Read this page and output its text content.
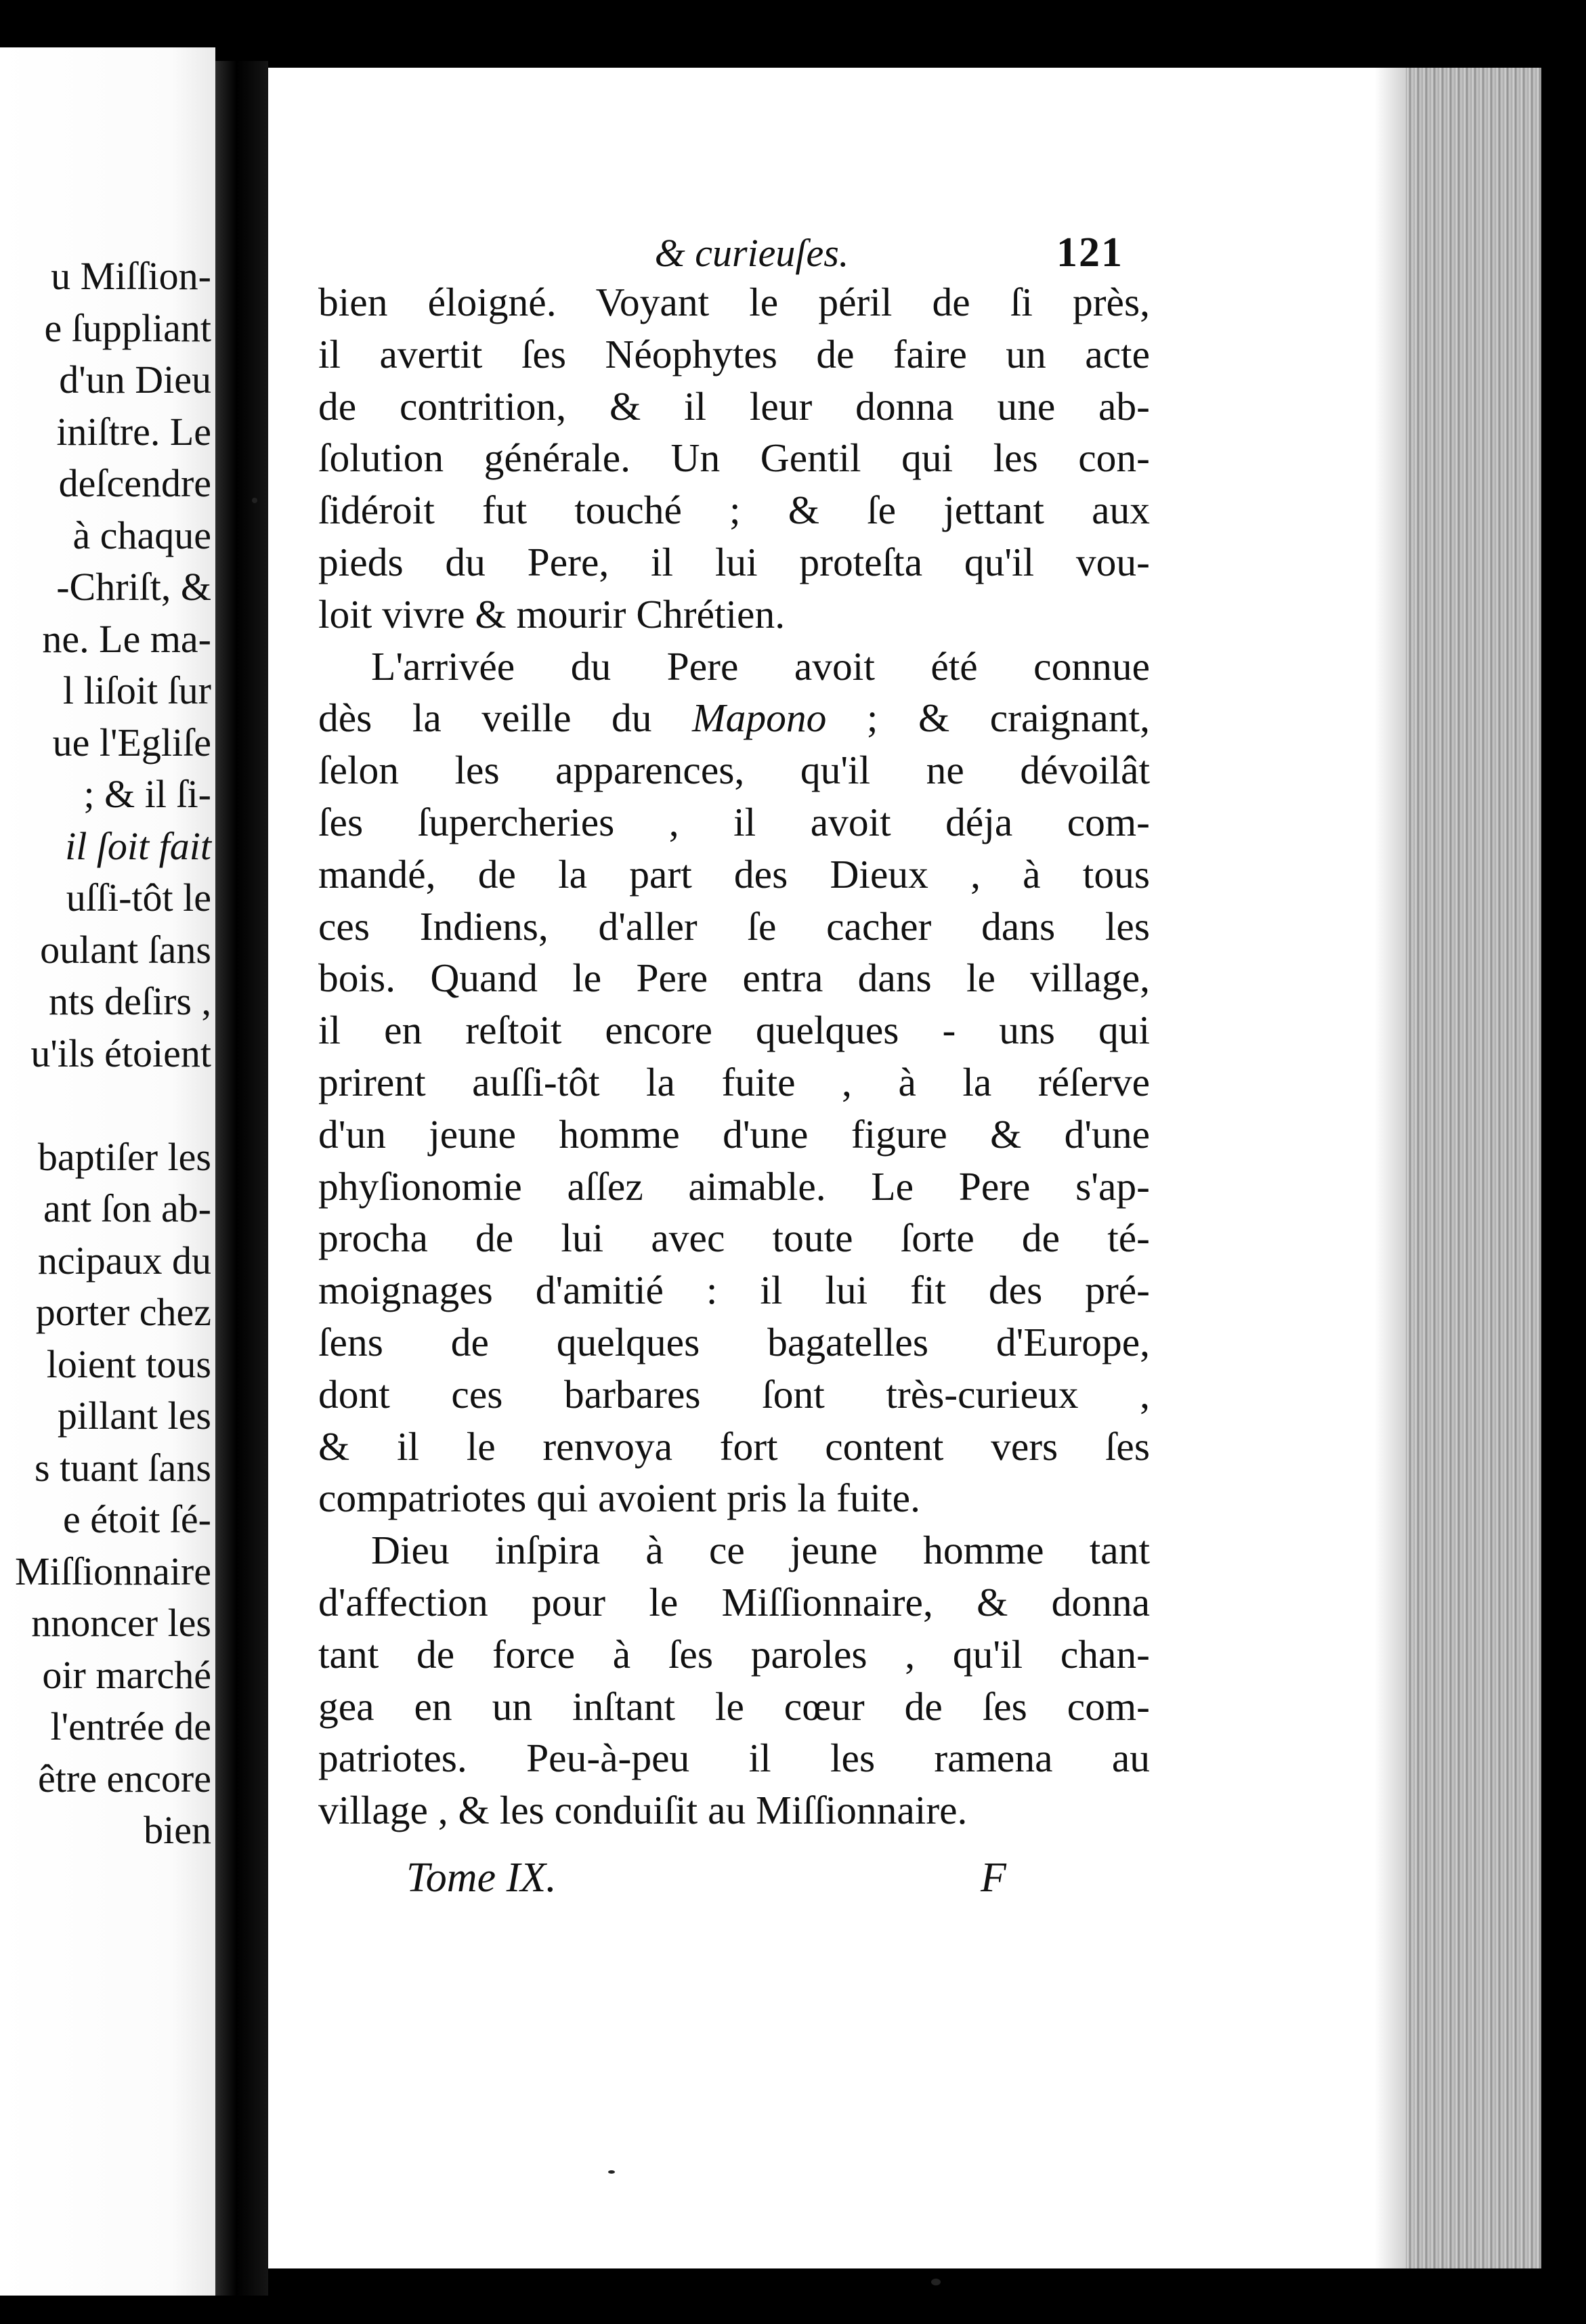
u Miſſion-
e ſuppliant
d'un Dieu
iniſtre. Le
deſcendre
à chaque
-Chriſt, &
ne. Le ma-
l liſoit ſur
ue l'Egliſe
; & il ſi-
il ſoit fait
uſſi-tôt le
oulant ſans
nts deſirs ,
u'ils étoient

baptiſer les
ant ſon ab-
ncipaux du
porter chez
loient tous
pillant les
s tuant ſans
e étoit ſé-
Miſſionnaire
nnoncer les
oir marché
l'entrée de
être encore
bien
& curieuſes.	121
bien éloigné. Voyant le péril de ſi près,
il avertit ſes Néophytes de faire un acte
de contrition, & il leur donna une ab-
ſolution générale. Un Gentil qui les con-
ſidéroit fut touché ; & ſe jettant aux
pieds du Pere, il lui proteſta qu'il vou-
loit vivre & mourir Chrétien.
L'arrivée du Pere avoit été connue
dès la veille du Mapono ; & craignant,
ſelon les apparences, qu'il ne dévoilât
ſes ſupercheries , il avoit déja com-
mandé, de la part des Dieux , à tous
ces Indiens, d'aller ſe cacher dans les
bois. Quand le Pere entra dans le village,
il en reſtoit encore quelques - uns qui
prirent auſſi-tôt la fuite , à la réſerve
d'un jeune homme d'une figure & d'une
phyſionomie aſſez aimable. Le Pere s'ap-
procha de lui avec toute ſorte de té-
moignages d'amitié : il lui fit des pré-
ſens de quelques bagatelles d'Europe,
dont ces barbares ſont très-curieux ,
& il le renvoya fort content vers ſes
compatriotes qui avoient pris la fuite.
Dieu inſpira à ce jeune homme tant
d'affection pour le Miſſionnaire, & donna
tant de force à ſes paroles , qu'il chan-
gea en un inſtant le cœur de ſes com-
patriotes. Peu-à-peu il les ramena au
village , & les conduiſit au Miſſionnaire.
Tome IX.	F
